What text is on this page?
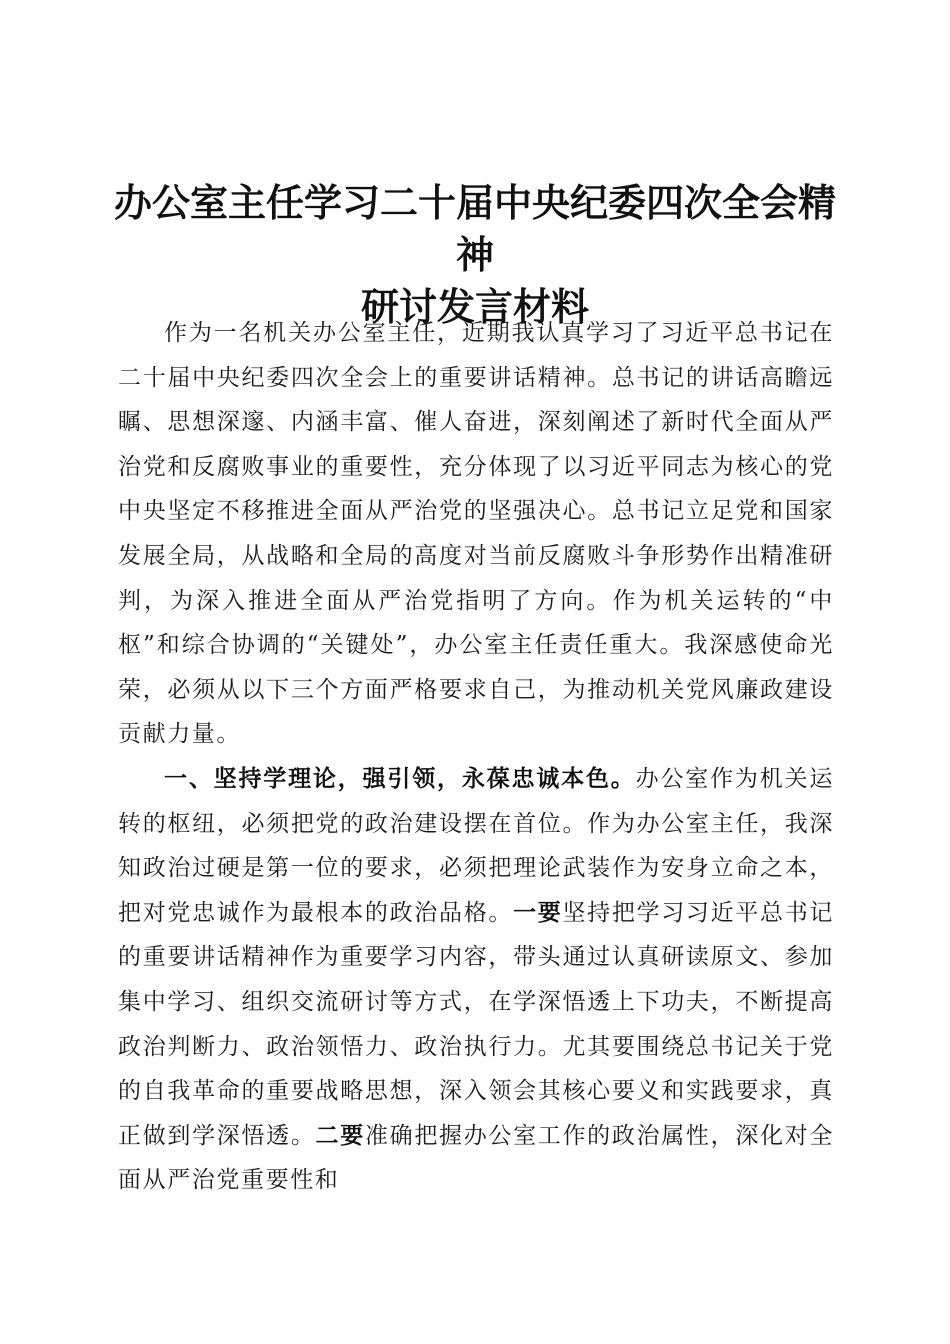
办公室主任学习二十届中央纪委四次全会精神
研讨发言材料

作为一名机关办公室主任，近期我认真学习了习近平总书记在二十届中央纪委四次全会上的重要讲话精神。总书记的讲话高瞻远瞩、思想深邃、内涵丰富、催人奋进，深刻阐述了新时代全面从严治党和反腐败事业的重要性，充分体现了以习近平同志为核心的党中央坚定不移推进全面从严治党的坚强决心。总书记立足党和国家发展全局，从战略和全局的高度对当前反腐败斗争形势作出精准研判，为深入推进全面从严治党指明了方向。作为机关运转的“中枢”和综合协调的“关键处”，办公室主任责任重大。我深感使命光荣，必须从以下三个方面严格要求自己，为推动机关党风廉政建设贡献力量。

一、坚持学理论，强引领，永葆忠诚本色。办公室作为机关运转的枢纽，必须把党的政治建设摆在首位。作为办公室主任，我深知政治过硬是第一位的要求，必须把理论武装作为安身立命之本，把对党忠诚作为最根本的政治品格。一要坚持把学习习近平总书记的重要讲话精神作为重要学习内容，带头通过认真研读原文、参加集中学习、组织交流研讨等方式，在学深悟透上下功夫，不断提高政治判断力、政治领悟力、政治执行力。尤其要围绕总书记关于党的自我革命的重要战略思想，深入领会其核心要义和实践要求，真正做到学深悟透。二要准确把握办公室工作的政治属性，深化对全面从严治党重要性和
